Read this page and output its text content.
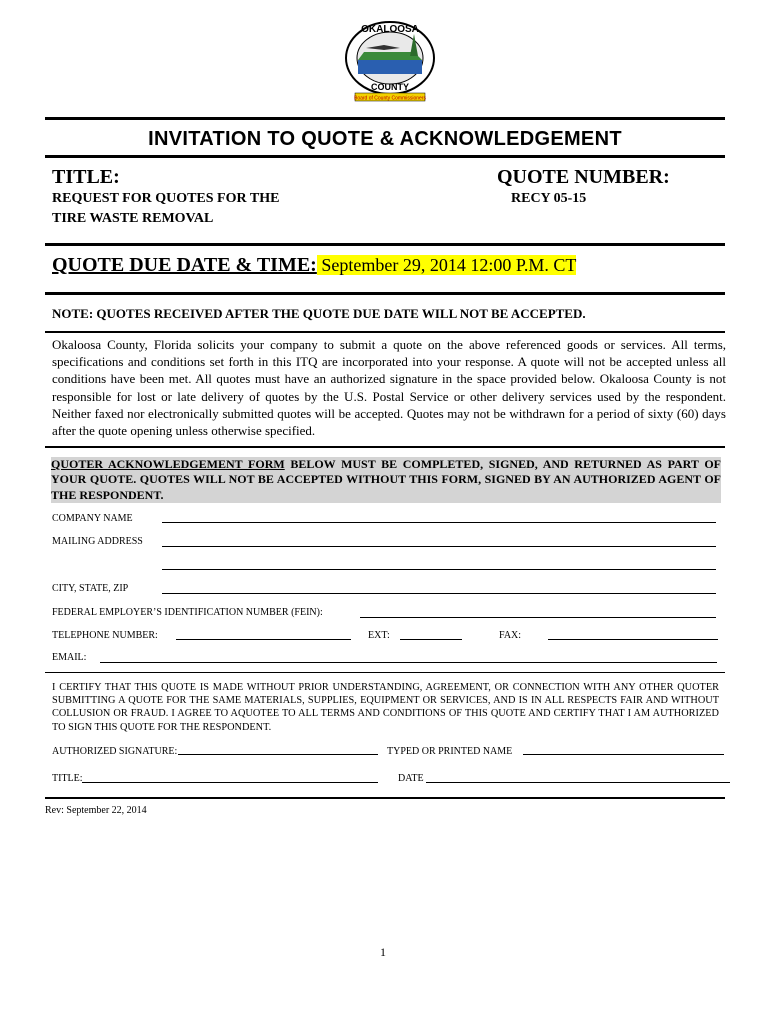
OKALOOSA
COUNTY
Board of County Commissioners
INVITATION TO QUOTE & ACKNOWLEDGEMENT
TITLE:
REQUEST FOR QUOTES FOR THE
TIRE WASTE REMOVAL
QUOTE NUMBER:
RECY 05-15
QUOTE DUE DATE & TIME: September 29, 2014 12:00 P.M. CT
NOTE: QUOTES RECEIVED AFTER THE QUOTE DUE DATE WILL NOT BE ACCEPTED.
Okaloosa County, Florida solicits your company to submit a quote on the above referenced goods or services. All terms, specifications and conditions set forth in this ITQ are incorporated into your response. A quote will not be accepted unless all conditions have been met. All quotes must have an authorized signature in the space provided below. Okaloosa County is not responsible for lost or late delivery of quotes by the U.S. Postal Service or other delivery services used by the respondent. Neither faxed nor electronically submitted quotes will be accepted. Quotes may not be withdrawn for a period of sixty (60) days after the quote opening unless otherwise specified.
QUOTER ACKNOWLEDGEMENT FORM BELOW MUST BE COMPLETED, SIGNED, AND RETURNED AS PART OF YOUR QUOTE. QUOTES WILL NOT BE ACCEPTED WITHOUT THIS FORM, SIGNED BY AN AUTHORIZED AGENT OF THE RESPONDENT.
COMPANY NAME
MAILING ADDRESS
CITY, STATE, ZIP
FEDERAL EMPLOYER’S IDENTIFICATION NUMBER (FEIN):
TELEPHONE NUMBER:	EXT:	FAX:
EMAIL:
I CERTIFY THAT THIS QUOTE IS MADE WITHOUT PRIOR UNDERSTANDING, AGREEMENT, OR CONNECTION WITH ANY OTHER QUOTER SUBMITTING A QUOTE FOR THE SAME MATERIALS, SUPPLIES, EQUIPMENT OR SERVICES, AND IS IN ALL RESPECTS FAIR AND WITHOUT COLLUSION OR FRAUD. I AGREE TO AQUOTEE TO ALL TERMS AND CONDITIONS OF THIS QUOTE AND CERTIFY THAT I AM AUTHORIZED TO SIGN THIS QUOTE FOR THE RESPONDENT.
AUTHORIZED SIGNATURE:	TYPED OR PRINTED NAME
TITLE:	DATE
Rev: September 22, 2014
1
